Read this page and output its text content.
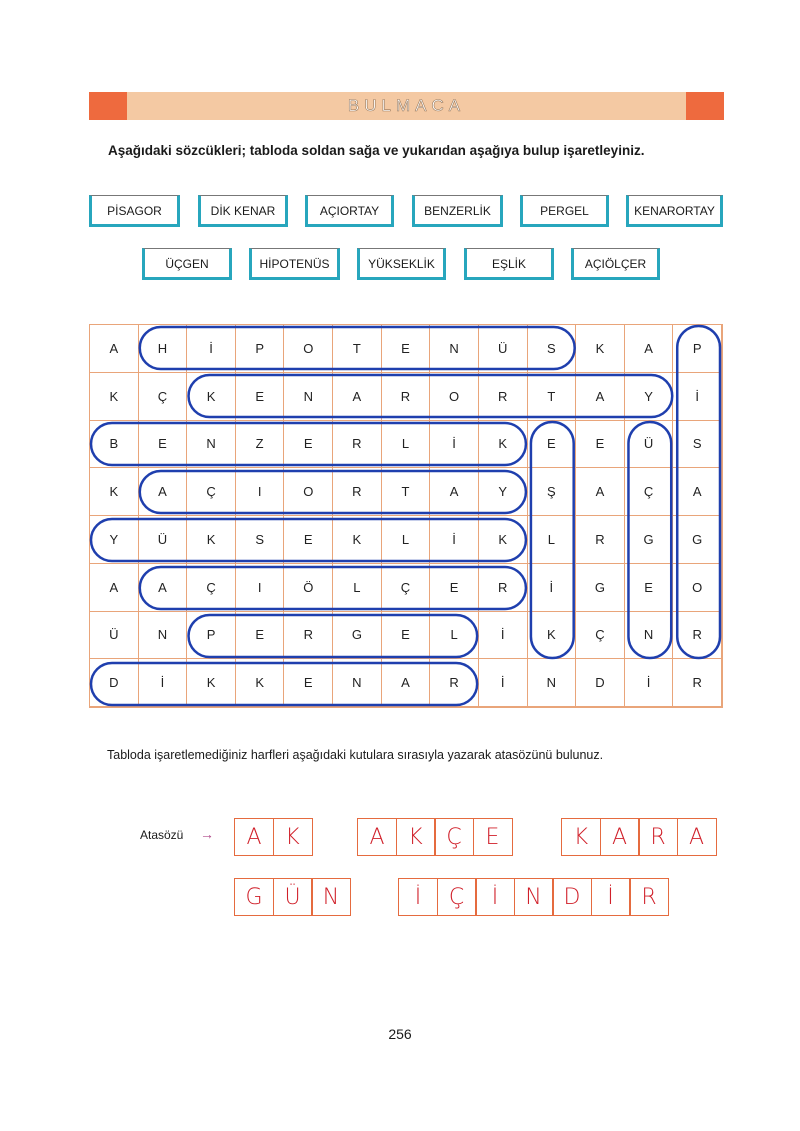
BULMACA
Aşağıdaki sözcükleri; tabloda soldan sağa ve yukarıdan aşağıya bulup işaretleyiniz.
PİSAGOR	DİK KENAR	AÇIORTAY	BENZERLİK	PERGEL	KENARORTAY
ÜÇGEN	HİPOTENÜS	YÜKSEKLİK	EŞLİK	AÇIÖLÇER
A	H	İ	P	O	T	E	N	Ü	S	K	A	P
K	Ç	K	E	N	A	R	O	R	T	A	Y	İ
B	E	N	Z	E	R	L	İ	K	E	E	Ü	S
K	A	Ç	I	O	R	T	A	Y	Ş	A	Ç	A
Y	Ü	K	S	E	K	L	İ	K	L	R	G	G
A	A	Ç	I	Ö	L	Ç	E	R	İ	G	E	O
Ü	N	P	E	R	G	E	L	İ	K	Ç	N	R
D	İ	K	K	E	N	A	R	İ	N	D	İ	R
Tabloda işaretlemediğiniz harfleri aşağıdaki kutulara sırasıyla yazarak atasözünü bulunuz.
Atasözü →	A	K	A	K	Ç	E	K	A	R	A
G Ü	N	İ	Ç	İ	N D	İ	R
256
